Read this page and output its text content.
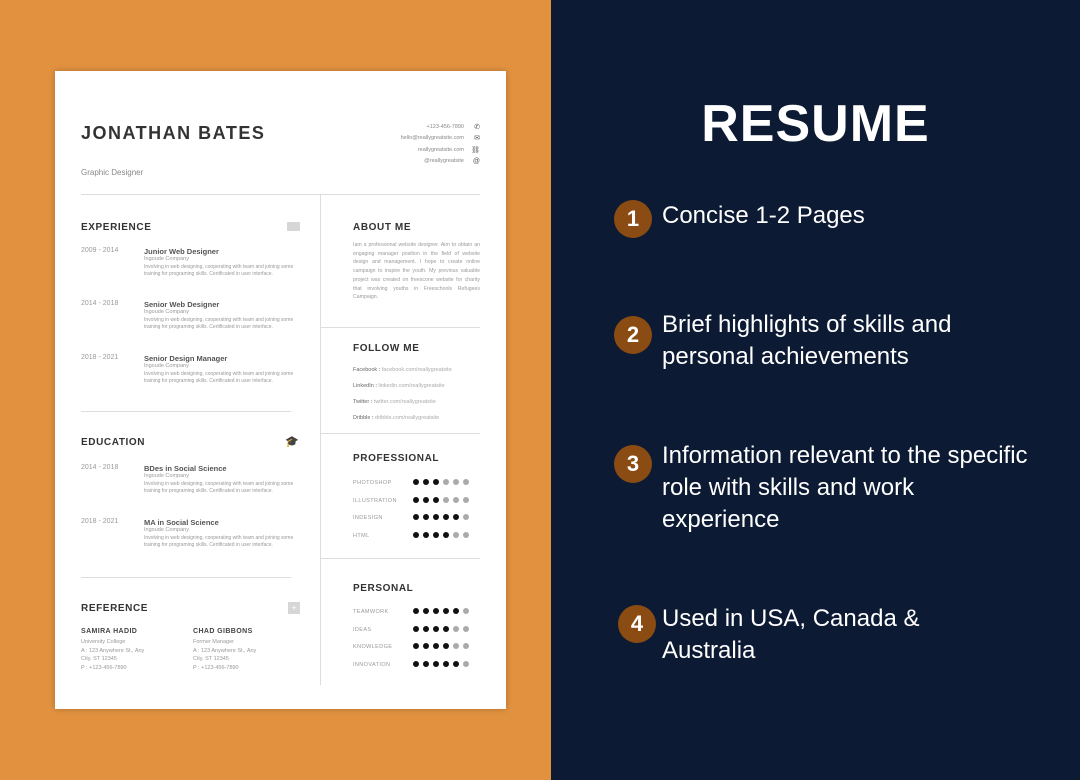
JONATHAN BATES
Graphic Designer
+123-456-7890	✆
hello@reallygreatsite.com	✉
reallygreatsite.com	⛓
@reallygreatsite	@
EXPERIENCE
2009 - 2014	Junior Web Designer
Ingoude Company
Involving in web designing, cooperating with team and joining some training for programing skills. Certificated in user interface.
2014 - 2018	Senior Web Designer
Ingoude Company
Involving in web designing, cooperating with team and joining some training for programing skills. Certificated in user interface.
2018 - 2021	Senior Design Manager
Ingoude Company
Involving in web designing, cooperating with team and joining some training for programing skills. Certificated in user interface.
EDUCATION	🎓
2014 - 2018	BDes in Social Science
Ingoude Company
Involving in web designing, cooperating with team and joining some training for programing skills. Certificated in user interface.
2018 - 2021	MA in Social Science
Ingoude Company
Involving in web designing, cooperating with team and joining some training for programing skills. Certificated in user interface.
REFERENCE	+
SAMIRA HADID
University College
A : 123 Anywhere St., Any
City, ST 12345
P : +123-456-7890
CHAD GIBBONS
Former Manager
A : 123 Anywhere St., Any
City, ST 12345
P : +123-456-7890
ABOUT ME
Iam a professional website designer. Aim to obtain an engaging manager position in the field of website design and management. I hope to create online campaign to inspire the youth. My previous valuable project was created on freescone website for charity that involving youths in Freeschools Refugees Campaign.
FOLLOW ME
Facebook : facebook.com/reallygreatsite
LinkedIn : linkedin.com/reallygreatsite
Twitter : twitter.com/reallygreatsite
Dribble : dribble.com/reallygreatsite
PROFESSIONAL
PERSONAL
PHOTOSHOP
ILLUSTRATION
INDESIGN
HTML
TEAMWORK
IDEAS
KNOWLEDGE
INNOVATION
RESUME
1 Concise 1-2 Pages
2 Brief highlights of skills and personal achievements
3 Information relevant to the specific role with skills and work experience
4 Used in USA, Canada & Australia
